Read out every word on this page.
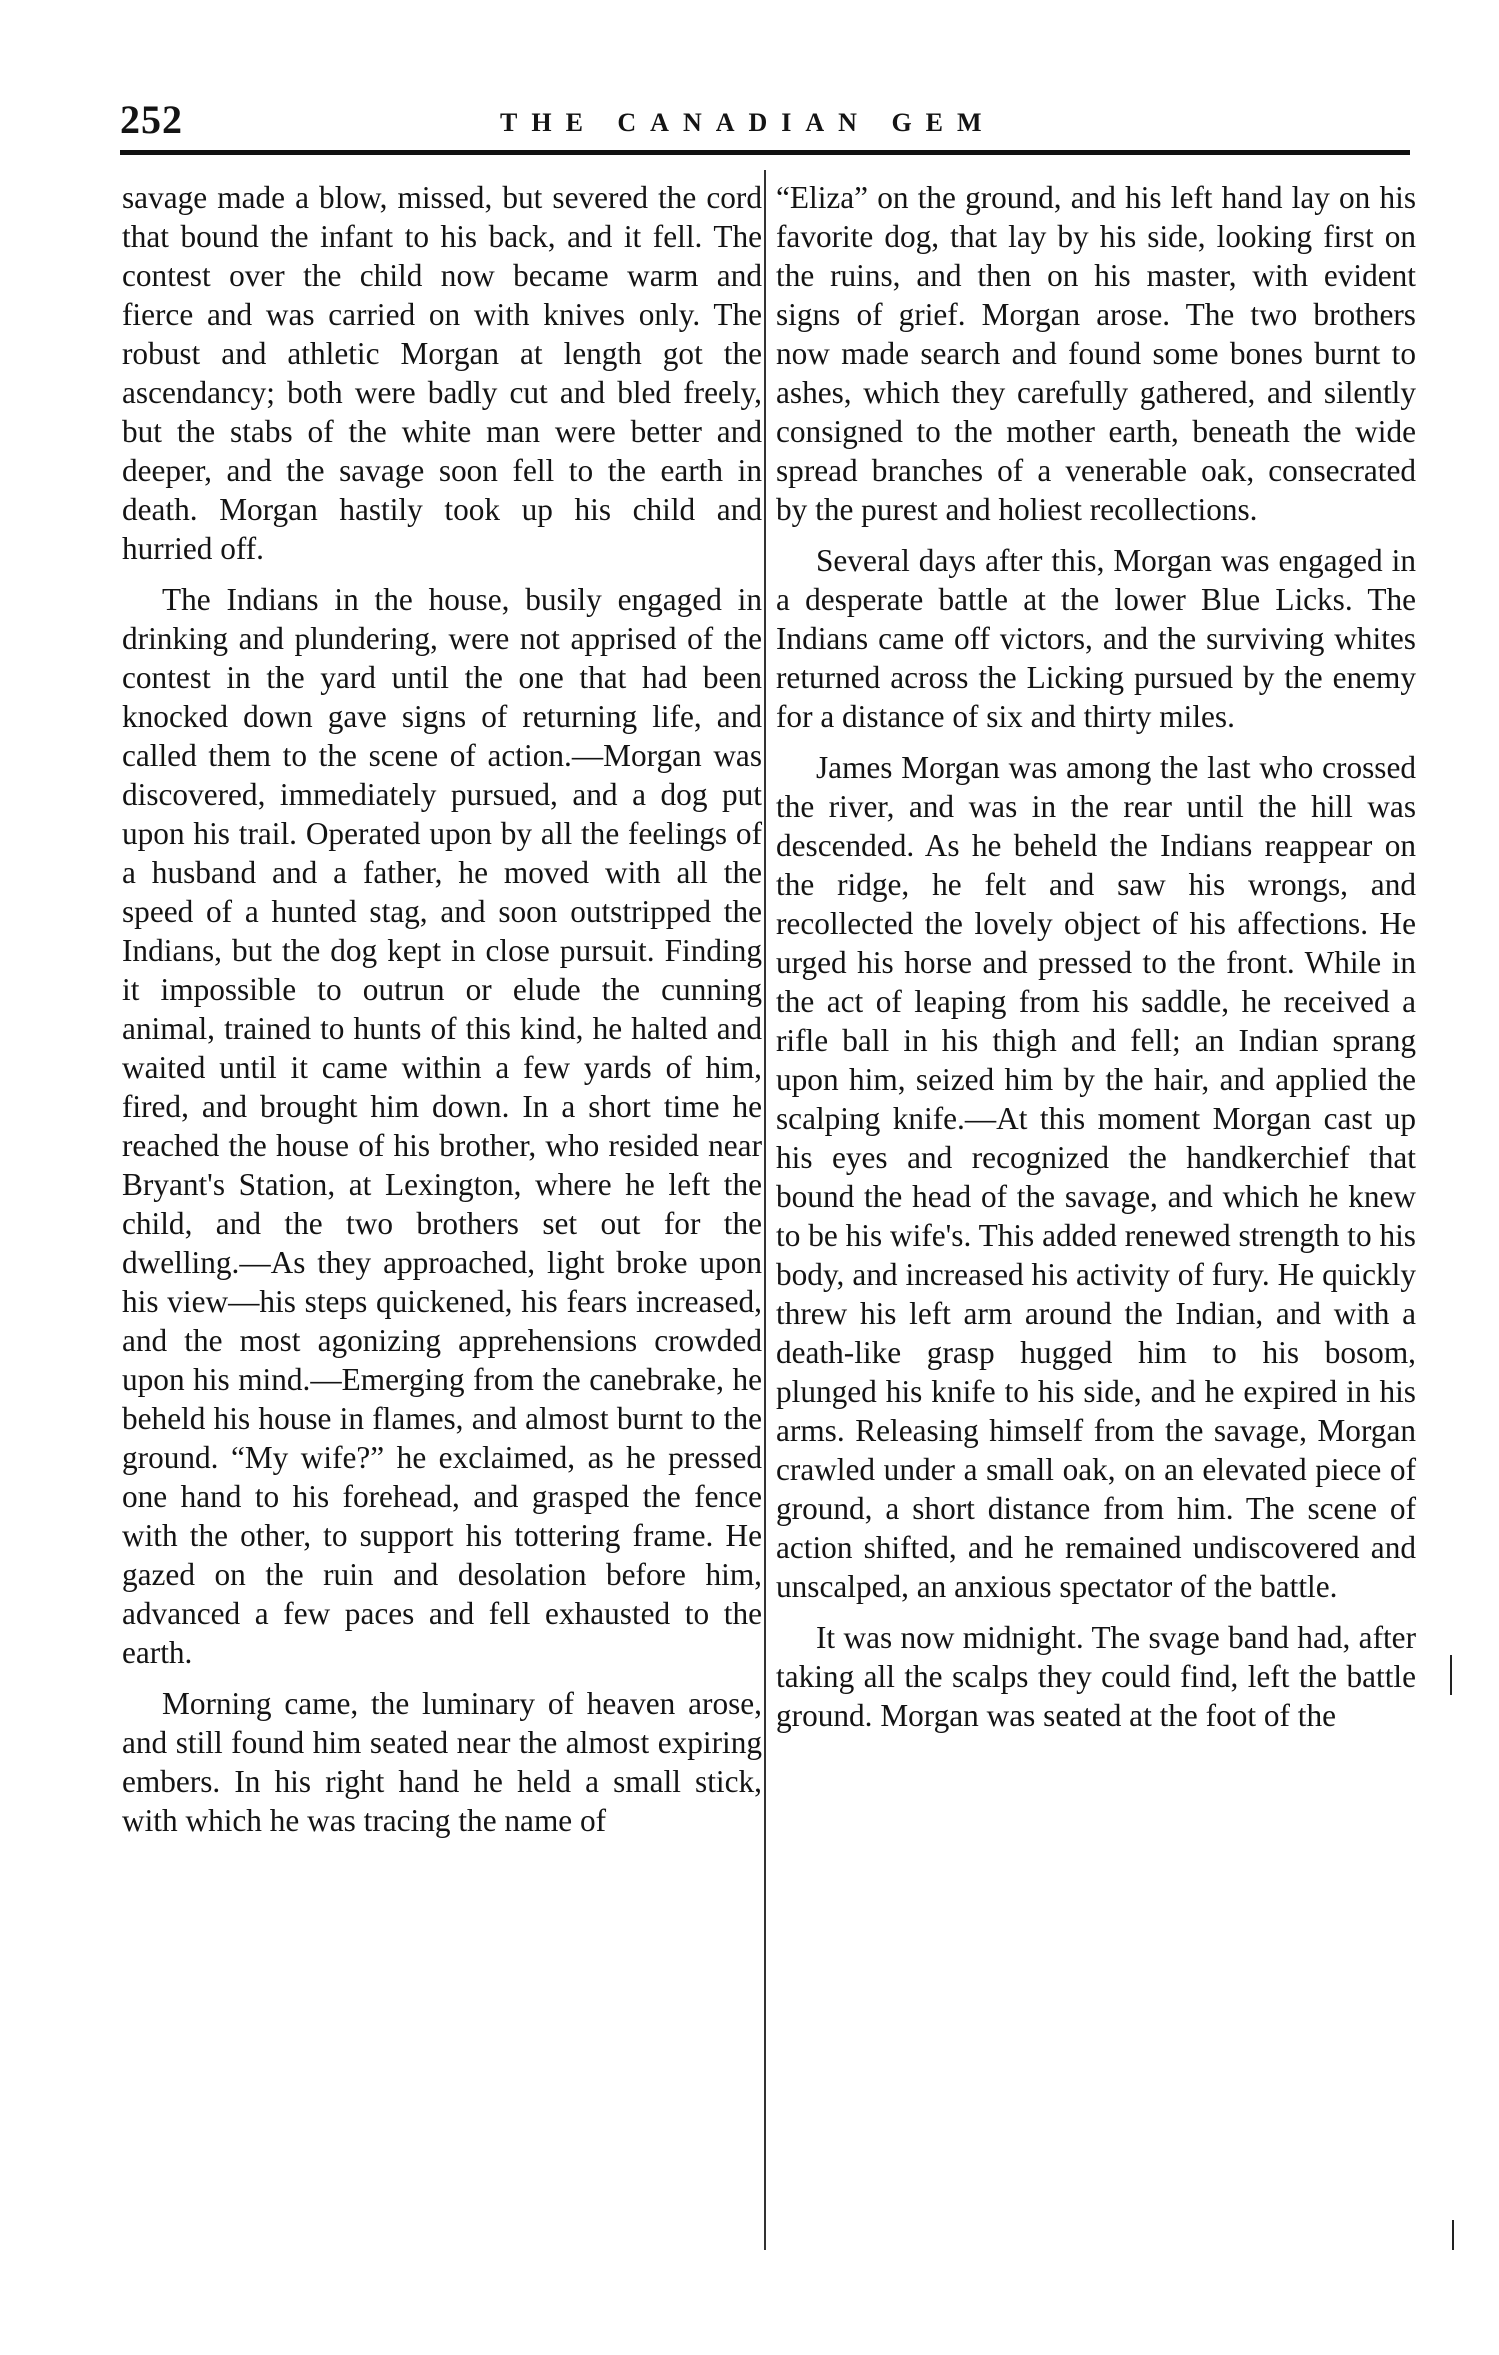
252	THE CANADIAN GEM

savage made a blow, missed, but severed the cord that bound the infant to his back, and it fell. The contest over the child now became warm and fierce and was carried on with knives only. The robust and athletic Morgan at length got the ascendancy; both were badly cut and bled freely, but the stabs of the white man were better and deeper, and the savage soon fell to the earth in death. Morgan hastily took up his child and hurried off.

The Indians in the house, busily engaged in drinking and plundering, were not apprised of the contest in the yard until the one that had been knocked down gave signs of returning life, and called them to the scene of action.—Morgan was discovered, immediately pursued, and a dog put upon his trail. Operated upon by all the feelings of a husband and a father, he moved with all the speed of a hunted stag, and soon outstripped the Indians, but the dog kept in close pursuit. Finding it impossible to outrun or elude the cunning animal, trained to hunts of this kind, he halted and waited until it came within a few yards of him, fired, and brought him down. In a short time he reached the house of his brother, who resided near Bryant's Station, at Lexington, where he left the child, and the two brothers set out for the dwelling.—As they approached, light broke upon his view—his steps quickened, his fears increased, and the most agonizing apprehensions crowded upon his mind.—Emerging from the canebrake, he beheld his house in flames, and almost burnt to the ground. “My wife?” he exclaimed, as he pressed one hand to his forehead, and grasped the fence with the other, to support his tottering frame. He gazed on the ruin and desolation before him, advanced a few paces and fell exhausted to the earth.

Morning came, the luminary of heaven arose, and still found him seated near the almost expiring embers. In his right hand he held a small stick, with which he was tracing the name of

“Eliza” on the ground, and his left hand lay on his favorite dog, that lay by his side, looking first on the ruins, and then on his master, with evident signs of grief. Morgan arose. The two brothers now made search and found some bones burnt to ashes, which they carefully gathered, and silently consigned to the mother earth, beneath the wide spread branches of a venerable oak, consecrated by the purest and holiest recollections.

Several days after this, Morgan was engaged in a desperate battle at the lower Blue Licks. The Indians came off victors, and the surviving whites returned across the Licking pursued by the enemy for a distance of six and thirty miles.

James Morgan was among the last who crossed the river, and was in the rear until the hill was descended. As he beheld the Indians reappear on the ridge, he felt and saw his wrongs, and recollected the lovely object of his affections. He urged his horse and pressed to the front. While in the act of leaping from his saddle, he received a rifle ball in his thigh and fell; an Indian sprang upon him, seized him by the hair, and applied the scalping knife.—At this moment Morgan cast up his eyes and recognized the handkerchief that bound the head of the savage, and which he knew to be his wife's. This added renewed strength to his body, and increased his activity of fury. He quickly threw his left arm around the Indian, and with a death-like grasp hugged him to his bosom, plunged his knife to his side, and he expired in his arms. Releasing himself from the savage, Morgan crawled under a small oak, on an elevated piece of ground, a short distance from him. The scene of action shifted, and he remained undiscovered and unscalped, an anxious spectator of the battle.

It was now midnight. The svage band had, after taking all the scalps they could find, left the battle ground. Morgan was seated at the foot of the
